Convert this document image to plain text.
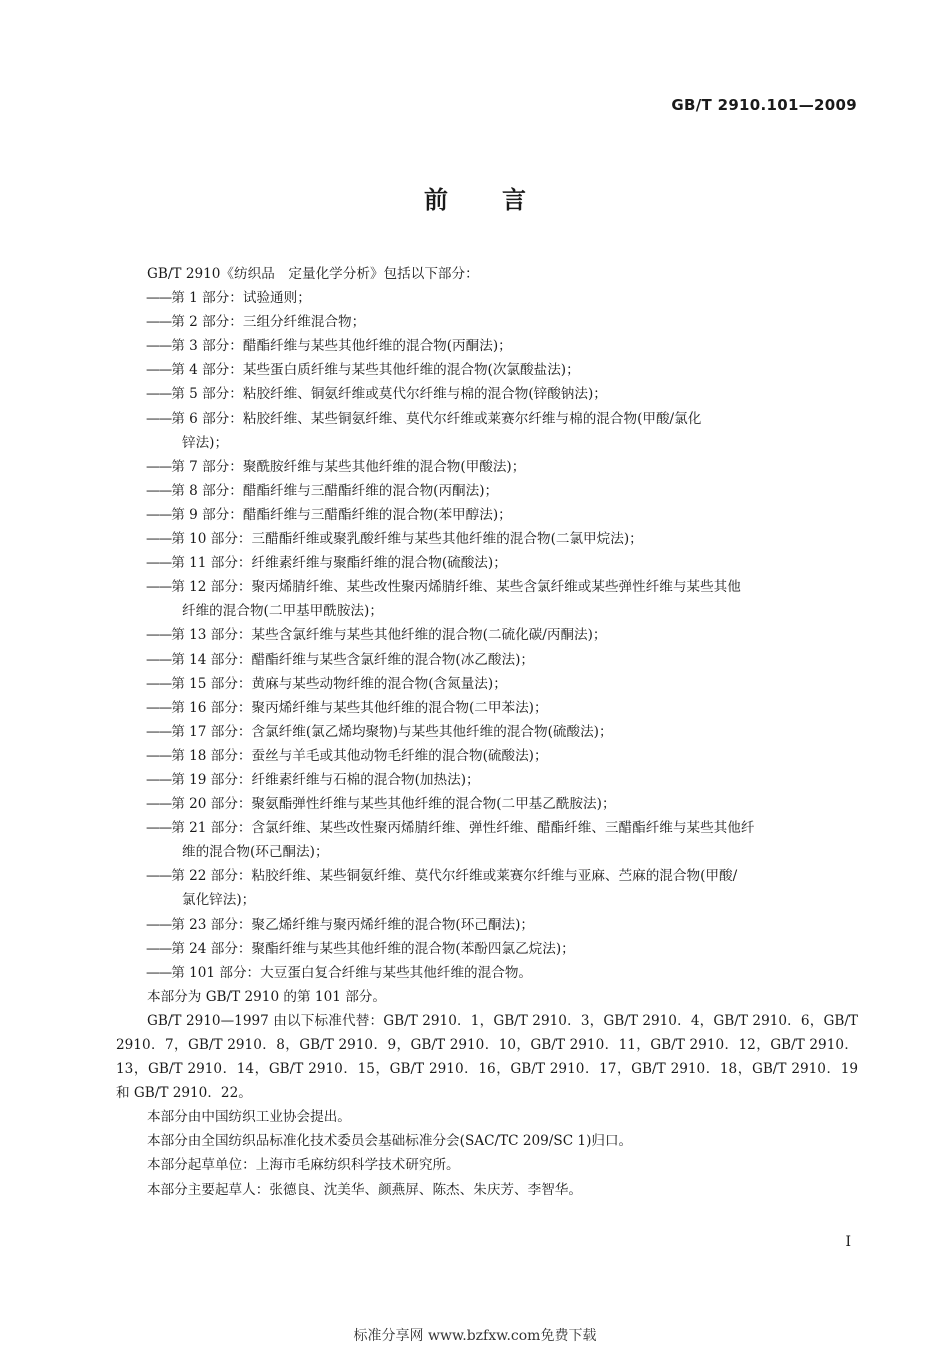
GB/T 2910.101—2009
前言
GB/T 2910《纺织品　定量化学分析》包括以下部分：
——第 1 部分：试验通则；
——第 2 部分：三组分纤维混合物；
——第 3 部分：醋酯纤维与某些其他纤维的混合物(丙酮法)；
——第 4 部分：某些蛋白质纤维与某些其他纤维的混合物(次氯酸盐法)；
——第 5 部分：粘胶纤维、铜氨纤维或莫代尔纤维与棉的混合物(锌酸钠法)；
——第 6 部分：粘胶纤维、某些铜氨纤维、莫代尔纤维或莱赛尔纤维与棉的混合物(甲酸/氯化
锌法)；
——第 7 部分：聚酰胺纤维与某些其他纤维的混合物(甲酸法)；
——第 8 部分：醋酯纤维与三醋酯纤维的混合物(丙酮法)；
——第 9 部分：醋酯纤维与三醋酯纤维的混合物(苯甲醇法)；
——第 10 部分：三醋酯纤维或聚乳酸纤维与某些其他纤维的混合物(二氯甲烷法)；
——第 11 部分：纤维素纤维与聚酯纤维的混合物(硫酸法)；
——第 12 部分：聚丙烯腈纤维、某些改性聚丙烯腈纤维、某些含氯纤维或某些弹性纤维与某些其他
纤维的混合物(二甲基甲酰胺法)；
——第 13 部分：某些含氯纤维与某些其他纤维的混合物(二硫化碳/丙酮法)；
——第 14 部分：醋酯纤维与某些含氯纤维的混合物(冰乙酸法)；
——第 15 部分：黄麻与某些动物纤维的混合物(含氮量法)；
——第 16 部分：聚丙烯纤维与某些其他纤维的混合物(二甲苯法)；
——第 17 部分：含氯纤维(氯乙烯均聚物)与某些其他纤维的混合物(硫酸法)；
——第 18 部分：蚕丝与羊毛或其他动物毛纤维的混合物(硫酸法)；
——第 19 部分：纤维素纤维与石棉的混合物(加热法)；
——第 20 部分：聚氨酯弹性纤维与某些其他纤维的混合物(二甲基乙酰胺法)；
——第 21 部分：含氯纤维、某些改性聚丙烯腈纤维、弹性纤维、醋酯纤维、三醋酯纤维与某些其他纤
维的混合物(环己酮法)；
——第 22 部分：粘胶纤维、某些铜氨纤维、莫代尔纤维或莱赛尔纤维与亚麻、苎麻的混合物(甲酸/
氯化锌法)；
——第 23 部分：聚乙烯纤维与聚丙烯纤维的混合物(环己酮法)；
——第 24 部分：聚酯纤维与某些其他纤维的混合物(苯酚四氯乙烷法)；
——第 101 部分：大豆蛋白复合纤维与某些其他纤维的混合物。
本部分为 GB/T 2910 的第 101 部分。
GB/T 2910—1997 由以下标准代替：GB/T 2910．1，GB/T 2910．3，GB/T 2910．4，GB/T 2910．6，GB/T 2910．7，GB/T 2910．8，GB/T 2910．9，GB/T 2910．10，GB/T 2910．11，GB/T 2910．12，GB/T 2910．13，GB/T 2910．14，GB/T 2910．15，GB/T 2910．16，GB/T 2910．17，GB/T 2910．18，GB/T 2910．19 和 GB/T 2910．22。
本部分由中国纺织工业协会提出。
本部分由全国纺织品标准化技术委员会基础标准分会(SAC/TC 209/SC 1)归口。
本部分起草单位：上海市毛麻纺织科学技术研究所。
本部分主要起草人：张德良、沈美华、颜燕屏、陈杰、朱庆芳、李智华。
Ⅰ
标准分享网 www.bzfxw.com免费下载
